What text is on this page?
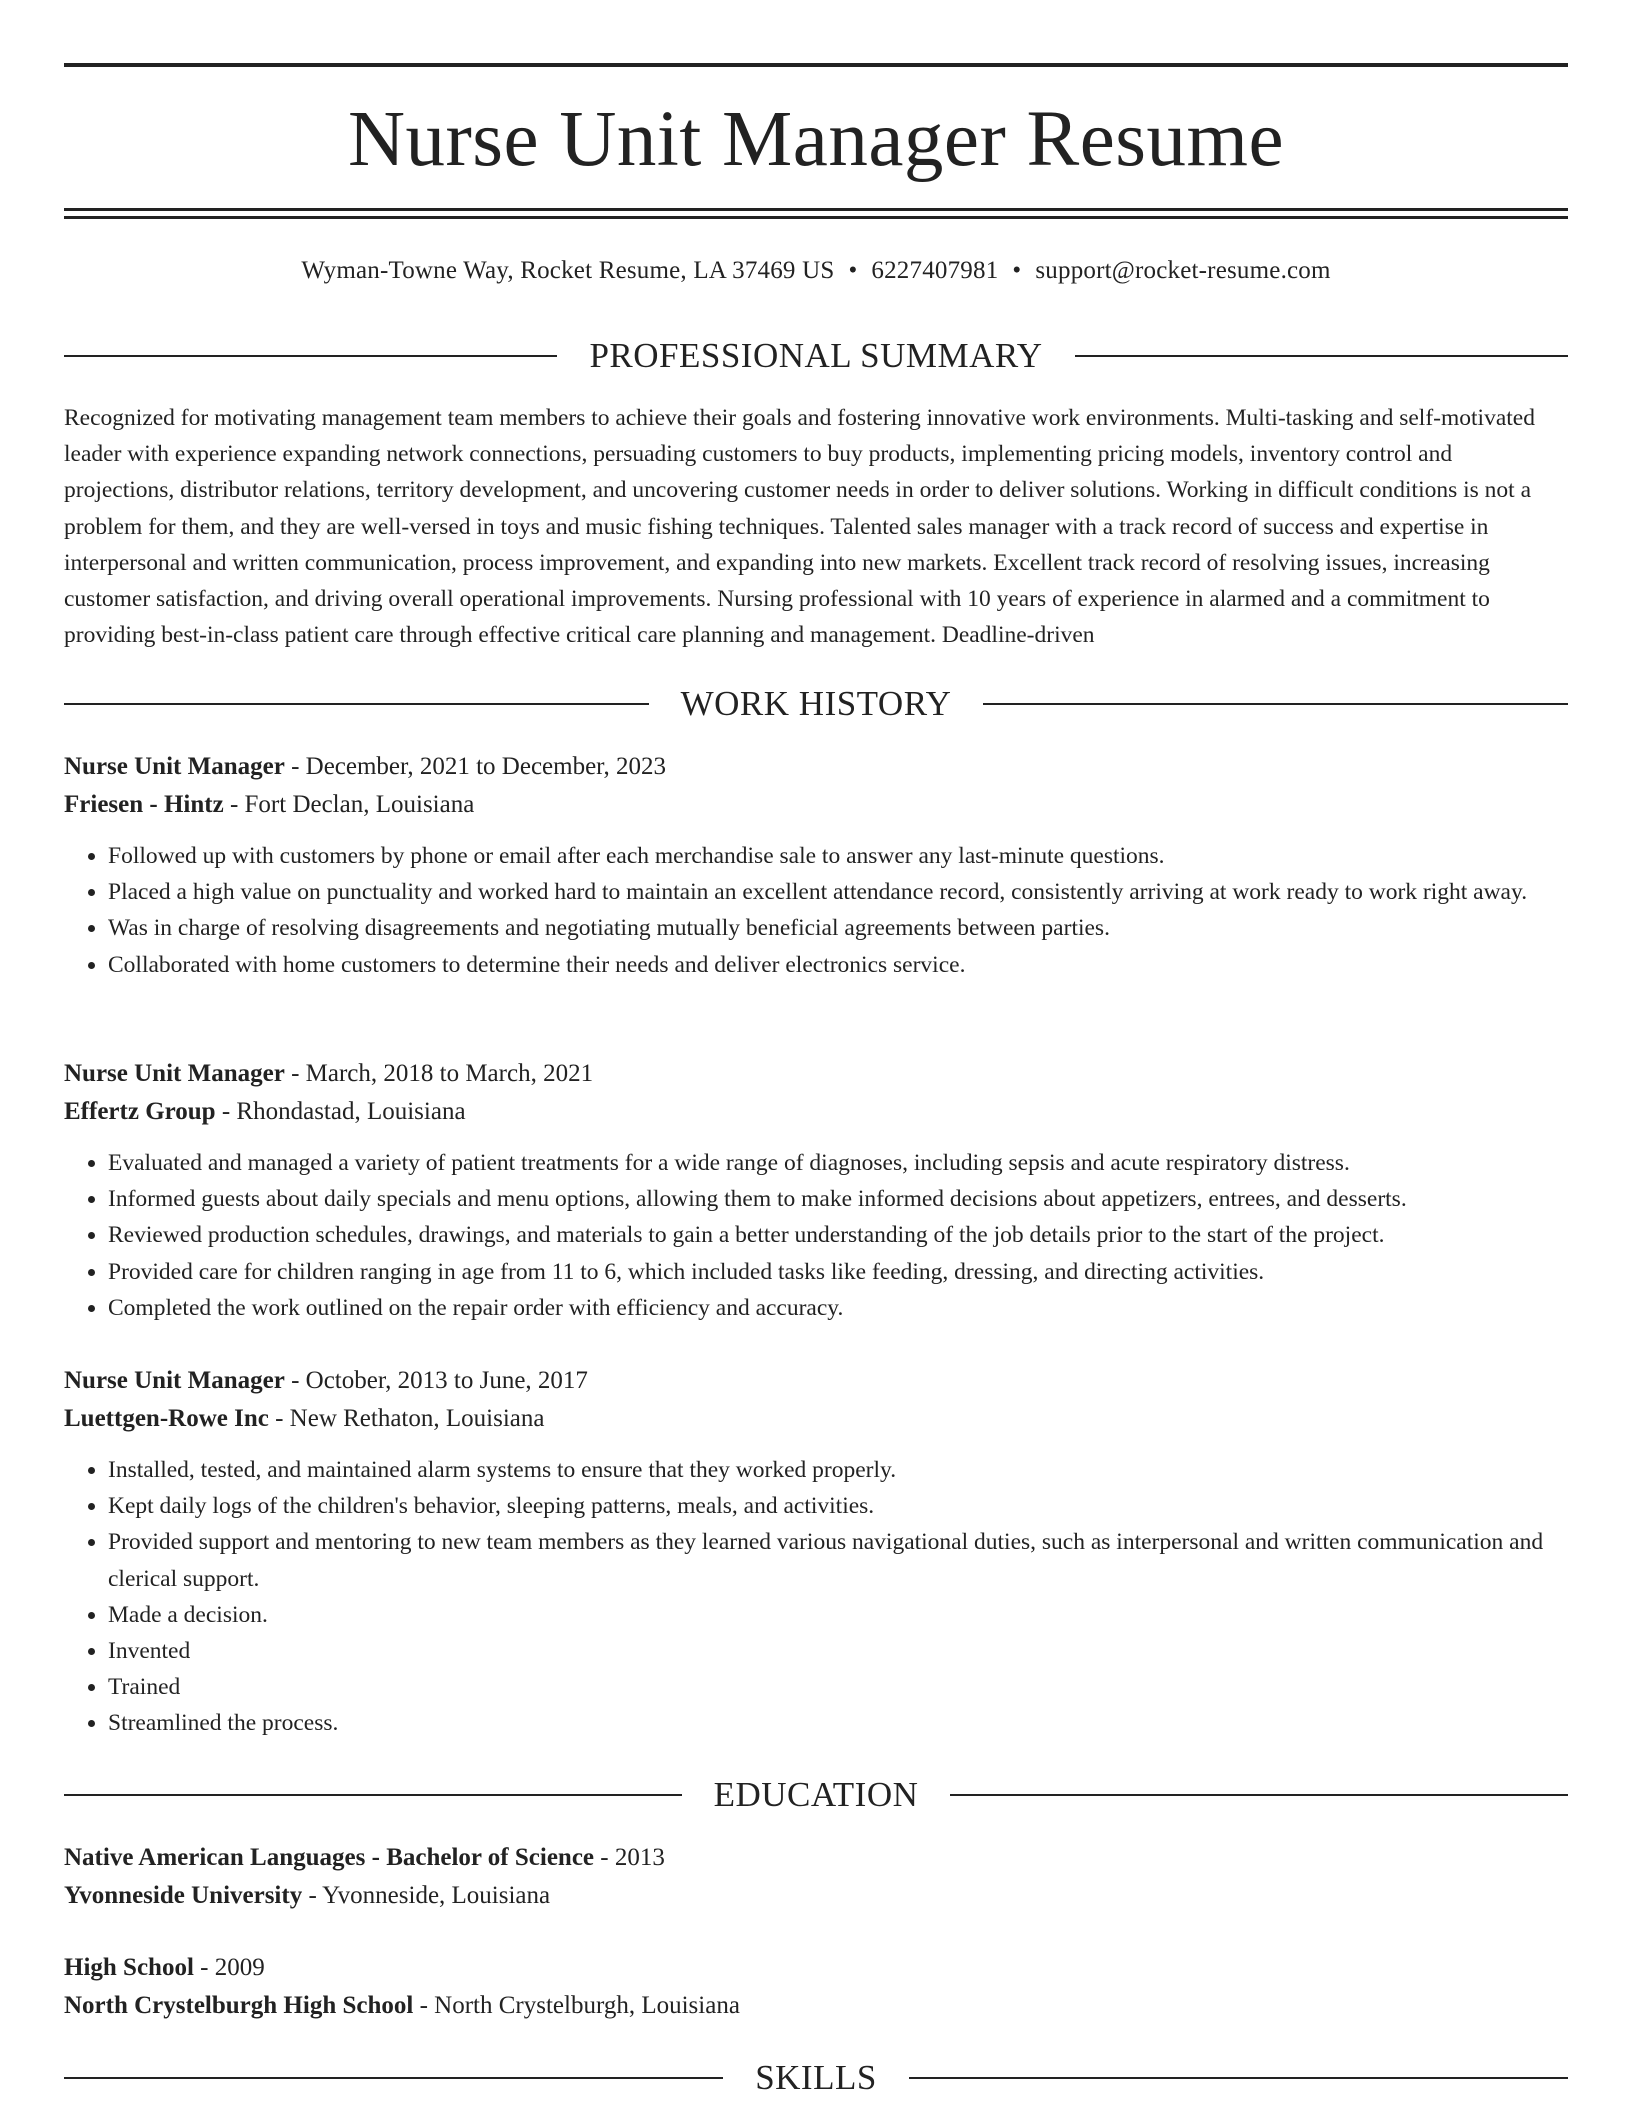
Nurse Unit Manager Resume
Wyman-Towne Way, Rocket Resume, LA 37469 US • 6227407981 • support@rocket-resume.com
PROFESSIONAL SUMMARY

Recognized for motivating management team members to achieve their goals and fostering innovative work environments. Multi-tasking and self-motivated leader with experience expanding network connections, persuading customers to buy products, implementing pricing models, inventory control and projections, distributor relations, territory development, and uncovering customer needs in order to deliver solutions. Working in difficult conditions is not a problem for them, and they are well-versed in toys and music fishing techniques. Talented sales manager with a track record of success and expertise in interpersonal and written communication, process improvement, and expanding into new markets. Excellent track record of resolving issues, increasing customer satisfaction, and driving overall operational improvements. Nursing professional with 10 years of experience in alarmed and a commitment to providing best-in-class patient care through effective critical care planning and management. Deadline-driven

WORK HISTORY
Nurse Unit Manager - December, 2021 to December, 2023
Friesen - Hintz - Fort Declan, Louisiana
• Followed up with customers by phone or email after each merchandise sale to answer any last-minute questions.
• Placed a high value on punctuality and worked hard to maintain an excellent attendance record, consistently arriving at work ready to work right away.
• Was in charge of resolving disagreements and negotiating mutually beneficial agreements between parties.
• Collaborated with home customers to determine their needs and deliver electronics service.
Nurse Unit Manager - March, 2018 to March, 2021
Effertz Group - Rhondastad, Louisiana
• Evaluated and managed a variety of patient treatments for a wide range of diagnoses, including sepsis and acute respiratory distress.
• Informed guests about daily specials and menu options, allowing them to make informed decisions about appetizers, entrees, and desserts.
• Reviewed production schedules, drawings, and materials to gain a better understanding of the job details prior to the start of the project.
• Provided care for children ranging in age from 11 to 6, which included tasks like feeding, dressing, and directing activities.
• Completed the work outlined on the repair order with efficiency and accuracy.
Nurse Unit Manager - October, 2013 to June, 2017
Luettgen-Rowe Inc - New Rethaton, Louisiana
• Installed, tested, and maintained alarm systems to ensure that they worked properly.
• Kept daily logs of the children's behavior, sleeping patterns, meals, and activities.
• Provided support and mentoring to new team members as they learned various navigational duties, such as interpersonal and written communication and clerical support.
• Made a decision.
• Invented
• Trained
• Streamlined the process.
EDUCATION
Native American Languages - Bachelor of Science - 2013
Yvonneside University - Yvonneside, Louisiana
High School - 2009
North Crystelburgh High School - North Crystelburgh, Louisiana
SKILLS
